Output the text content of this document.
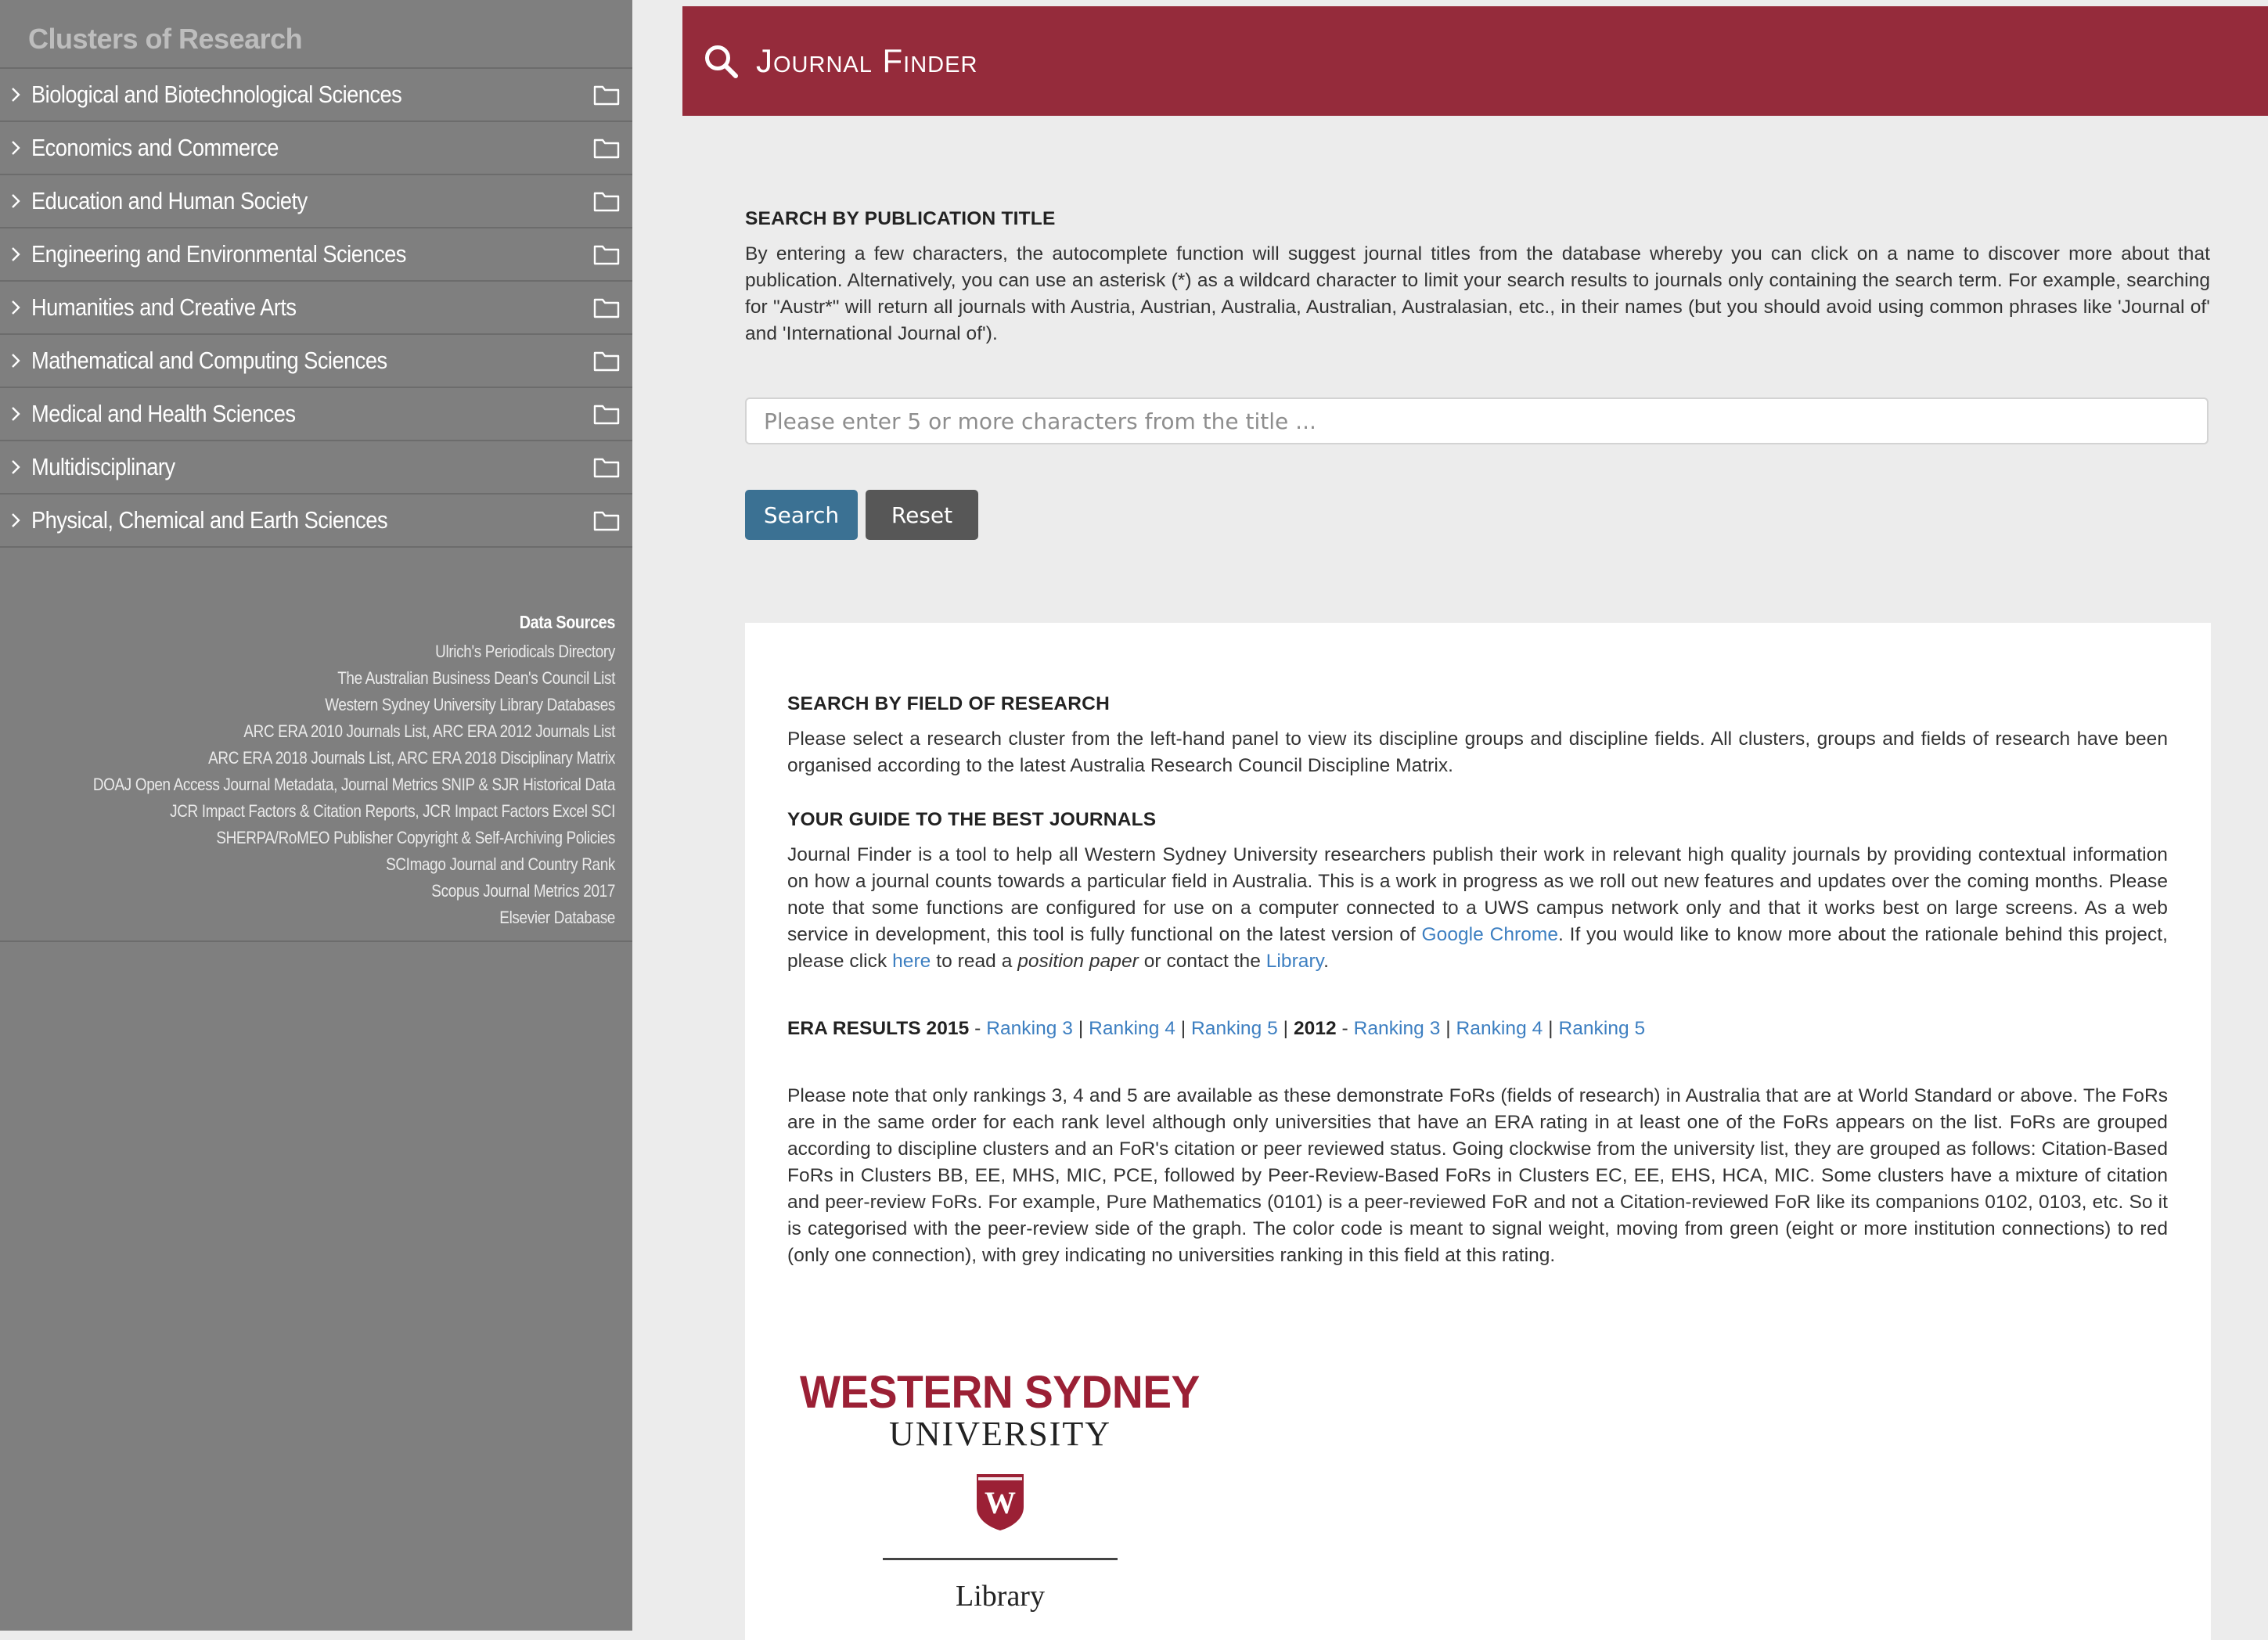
Clusters of Research
Biological and Biotechnological Sciences
Economics and Commerce
Education and Human Society
Engineering and Environmental Sciences
Humanities and Creative Arts
Mathematical and Computing Sciences
Medical and Health Sciences
Multidisciplinary
Physical, Chemical and Earth Sciences
Data Sources
Ulrich's Periodicals Directory
The Australian Business Dean's Council List
Western Sydney University Library Databases
ARC ERA 2010 Journals List, ARC ERA 2012 Journals List
ARC ERA 2018 Journals List, ARC ERA 2018 Disciplinary Matrix
DOAJ Open Access Journal Metadata, Journal Metrics SNIP & SJR Historical Data
JCR Impact Factors & Citation Reports, JCR Impact Factors Excel SCI
SHERPA/RoMEO Publisher Copyright & Self-Archiving Policies
SCImago Journal and Country Rank
Scopus Journal Metrics 2017
Elsevier Database
Journal Finder
SEARCH BY PUBLICATION TITLE

By entering a few characters, the autocomplete function will suggest journal titles from the database whereby you can click on a name to discover more about that publication. Alternatively, you can use an asterisk (*) as a wildcard character to limit your search results to journals only containing the search term. For example, searching for "Austr*" will return all journals with Austria, Austrian, Australia, Australian, Australasian, etc., in their names (but you should avoid using common phrases like 'Journal of' and 'International Journal of').

Please enter 5 or more characters from the title ...
Search	Reset
SEARCH BY FIELD OF RESEARCH

Please select a research cluster from the left-hand panel to view its discipline groups and discipline fields. All clusters, groups and fields of research have been organised according to the latest Australia Research Council Discipline Matrix.

YOUR GUIDE TO THE BEST JOURNALS

Journal Finder is a tool to help all Western Sydney University researchers publish their work in relevant high quality journals by providing contextual information on how a journal counts towards a particular field in Australia. This is a work in progress as we roll out new features and updates over the coming months. Please note that some functions are configured for use on a computer connected to a UWS campus network only and that it works best on large screens. As a web service in development, this tool is fully functional on the latest version of Google Chrome. If you would like to know more about the rationale behind this project, please click here to read a position paper or contact the Library.

ERA RESULTS 2015 - Ranking 3 | Ranking 4 | Ranking 5 | 2012 - Ranking 3 | Ranking 4 | Ranking 5

Please note that only rankings 3, 4 and 5 are available as these demonstrate FoRs (fields of research) in Australia that are at World Standard or above. The FoRs are in the same order for each rank level although only universities that have an ERA rating in at least one of the FoRs appears on the list. FoRs are grouped according to discipline clusters and an FoR's citation or peer reviewed status. Going clockwise from the university list, they are grouped as follows: Citation-Based FoRs in Clusters BB, EE, MHS, MIC, PCE, followed by Peer-Review-Based FoRs in Clusters EC, EE, EHS, HCA, MIC. Some clusters have a mixture of citation and peer-review FoRs. For example, Pure Mathematics (0101) is a peer-reviewed FoR and not a Citation-reviewed FoR like its companions 0102, 0103, etc. So it is categorised with the peer-review side of the graph. The color code is meant to signal weight, moving from green (eight or more institution connections) to red (only one connection), with grey indicating no universities ranking in this field at this rating.

WESTERN SYDNEY
UNIVERSITY
W
Library
